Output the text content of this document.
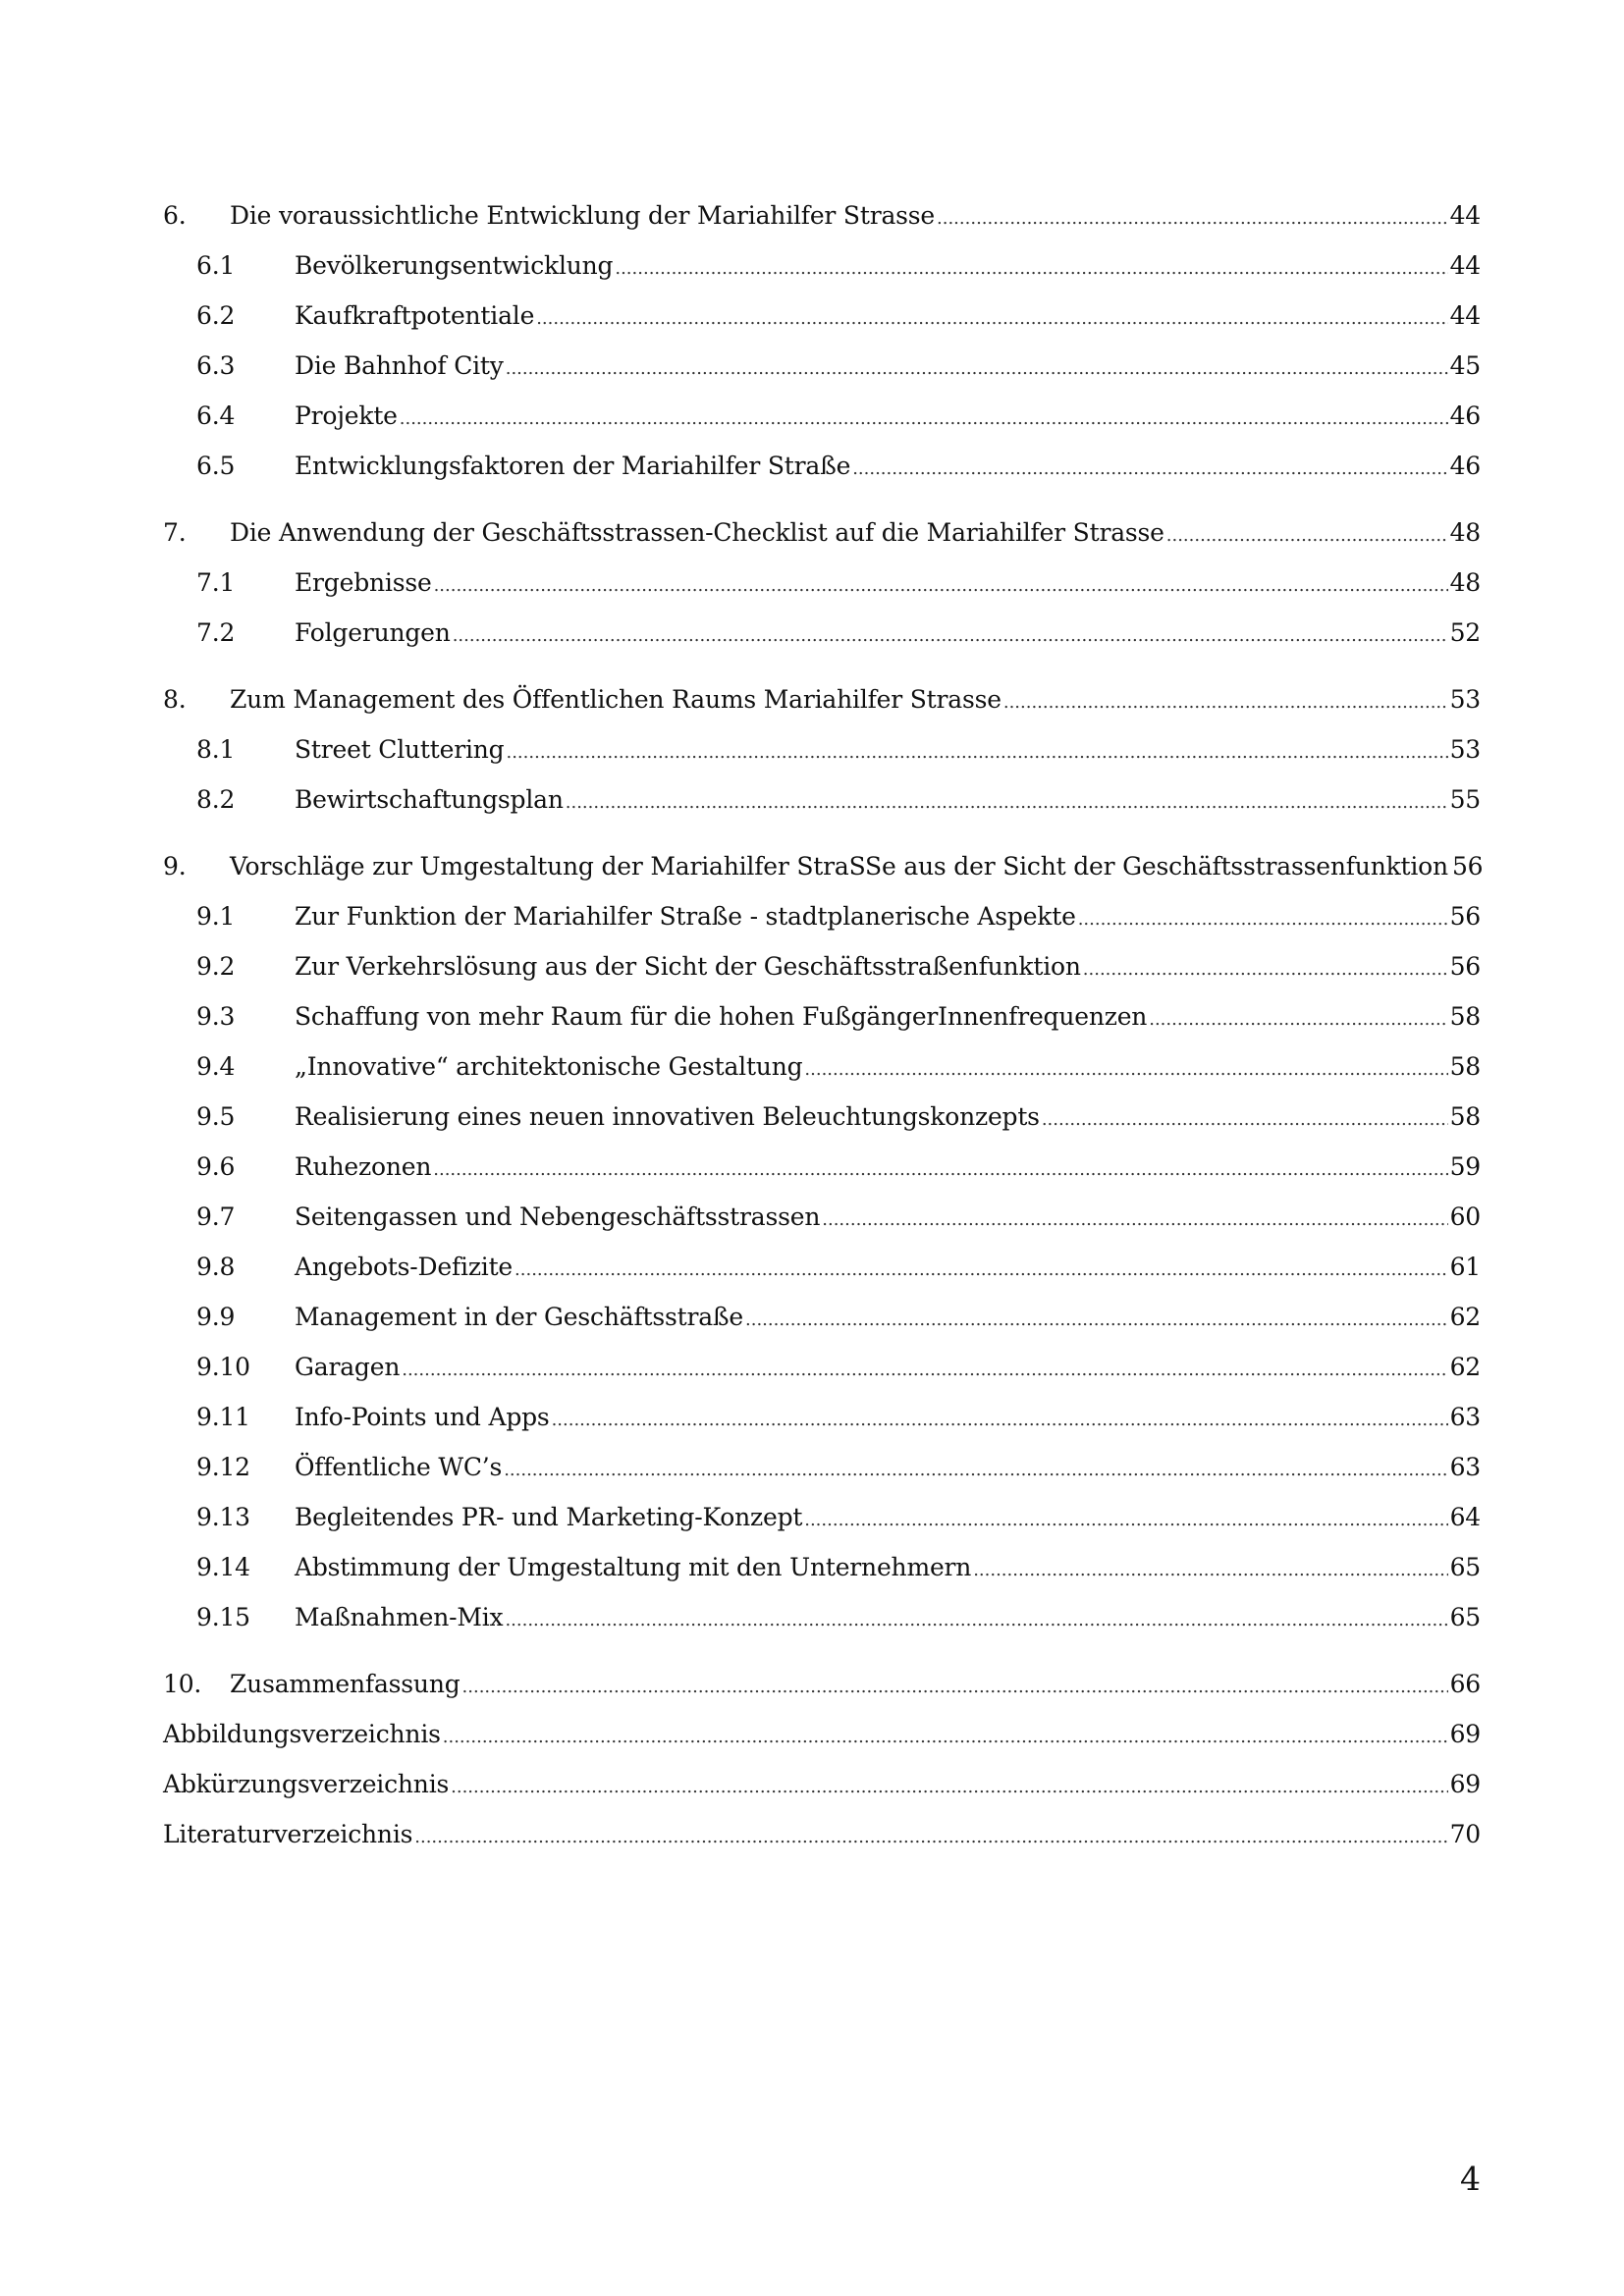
6.	Die voraussichtliche Entwicklung der Mariahilfer Strasse .....	44
6.1	Bevölkerungsentwicklung .....	44
6.2	Kaufkraftpotentiale .....	44
6.3	Die Bahnhof City .....	45
6.4	Projekte .....	46
6.5	Entwicklungsfaktoren der Mariahilfer Straße .....	46
7.	Die Anwendung der Geschäftsstrassen-Checklist auf die Mariahilfer Strasse .....	48
7.1	Ergebnisse .....	48
7.2	Folgerungen .....	52
8.	Zum Management des Öffentlichen Raums Mariahilfer Strasse .....	53
8.1	Street Cluttering .....	53
8.2	Bewirtschaftungsplan .....	55
9.	Vorschläge zur Umgestaltung der Mariahilfer StraSSe aus der Sicht der Geschäftsstrassenfunktion 56
9.1	Zur Funktion der Mariahilfer Straße - stadtplanerische Aspekte .....	56
9.2	Zur Verkehrslösung aus der Sicht der Geschäftsstraßenfunktion .....	56
9.3	Schaffung von mehr Raum für die hohen FußgängerInnenfrequenzen .....	58
9.4	„Innovative“ architektonische Gestaltung .....	58
9.5	Realisierung eines neuen innovativen Beleuchtungskonzepts .....	58
9.6	Ruhezonen .....	59
9.7	Seitengassen und Nebengeschäftsstrassen .....	60
9.8	Angebots-Defizite .....	61
9.9	Management in der Geschäftsstraße .....	62
9.10	Garagen .....	62
9.11	Info-Points und Apps .....	63
9.12	Öffentliche WC’s .....	63
9.13	Begleitendes PR- und Marketing-Konzept .....	64
9.14	Abstimmung der Umgestaltung mit den Unternehmern .....	65
9.15	Maßnahmen-Mix .....	65
10.	Zusammenfassung .....	66
Abbildungsverzeichnis .....	69
Abkürzungsverzeichnis .....	69
Literaturverzeichnis .....	70
4
